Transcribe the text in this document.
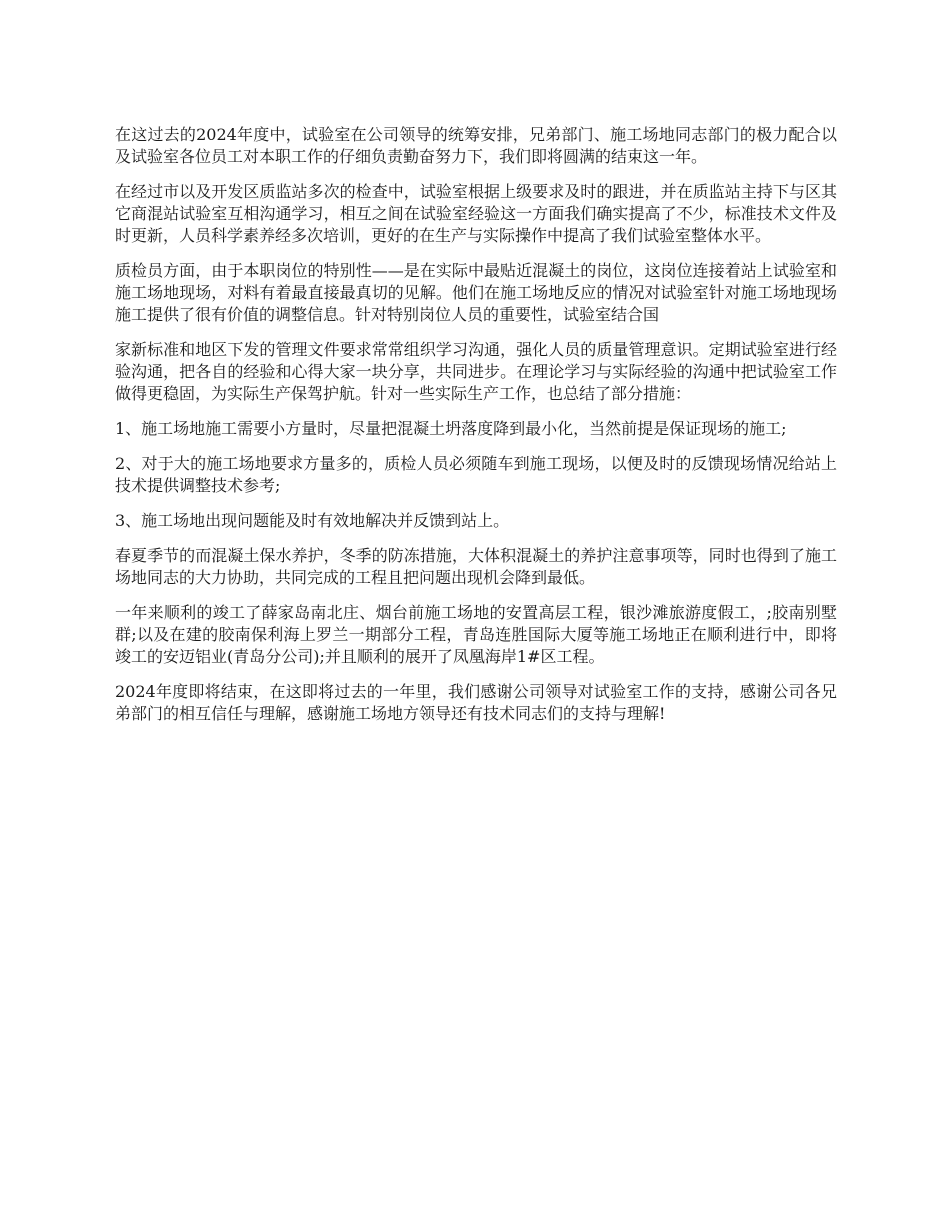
在这过去的2024年度中，试验室在公司领导的统筹安排，兄弟部门、施工场地同志部门的极力配合以及试验室各位员工对本职工作的仔细负责勤奋努力下，我们即将圆满的结束这一年。

在经过市以及开发区质监站多次的检查中，试验室根据上级要求及时的跟进，并在质监站主持下与区其它商混站试验室互相沟通学习，相互之间在试验室经验这一方面我们确实提高了不少，标准技术文件及时更新，人员科学素养经多次培训，更好的在生产与实际操作中提高了我们试验室整体水平。

质检员方面，由于本职岗位的特别性——是在实际中最贴近混凝土的岗位，这岗位连接着站上试验室和施工场地现场，对料有着最直接最真切的见解。他们在施工场地反应的情况对试验室针对施工场地现场施工提供了很有价值的调整信息。针对特别岗位人员的重要性，试验室结合国

家新标准和地区下发的管理文件要求常常组织学习沟通，强化人员的质量管理意识。定期试验室进行经验沟通，把各自的经验和心得大家一块分享，共同进步。在理论学习与实际经验的沟通中把试验室工作做得更稳固，为实际生产保驾护航。针对一些实际生产工作，也总结了部分措施：

1、施工场地施工需要小方量时，尽量把混凝土坍落度降到最小化，当然前提是保证现场的施工;

2、对于大的施工场地要求方量多的，质检人员必须随车到施工现场，以便及时的反馈现场情况给站上技术提供调整技术参考;

3、施工场地出现问题能及时有效地解决并反馈到站上。

春夏季节的而混凝土保水养护，冬季的防冻措施，大体积混凝土的养护注意事项等，同时也得到了施工场地同志的大力协助，共同完成的工程且把问题出现机会降到最低。

一年来顺利的竣工了薛家岛南北庄、烟台前施工场地的安置高层工程，银沙滩旅游度假工，;胶南别墅群;以及在建的胶南保利海上罗兰一期部分工程，青岛连胜国际大厦等施工场地正在顺利进行中，即将竣工的安迈铝业(青岛分公司);并且顺利的展开了凤凰海岸1#区工程。

2024年度即将结束，在这即将过去的一年里，我们感谢公司领导对试验室工作的支持，感谢公司各兄弟部门的相互信任与理解，感谢施工场地方领导还有技术同志们的支持与理解!
